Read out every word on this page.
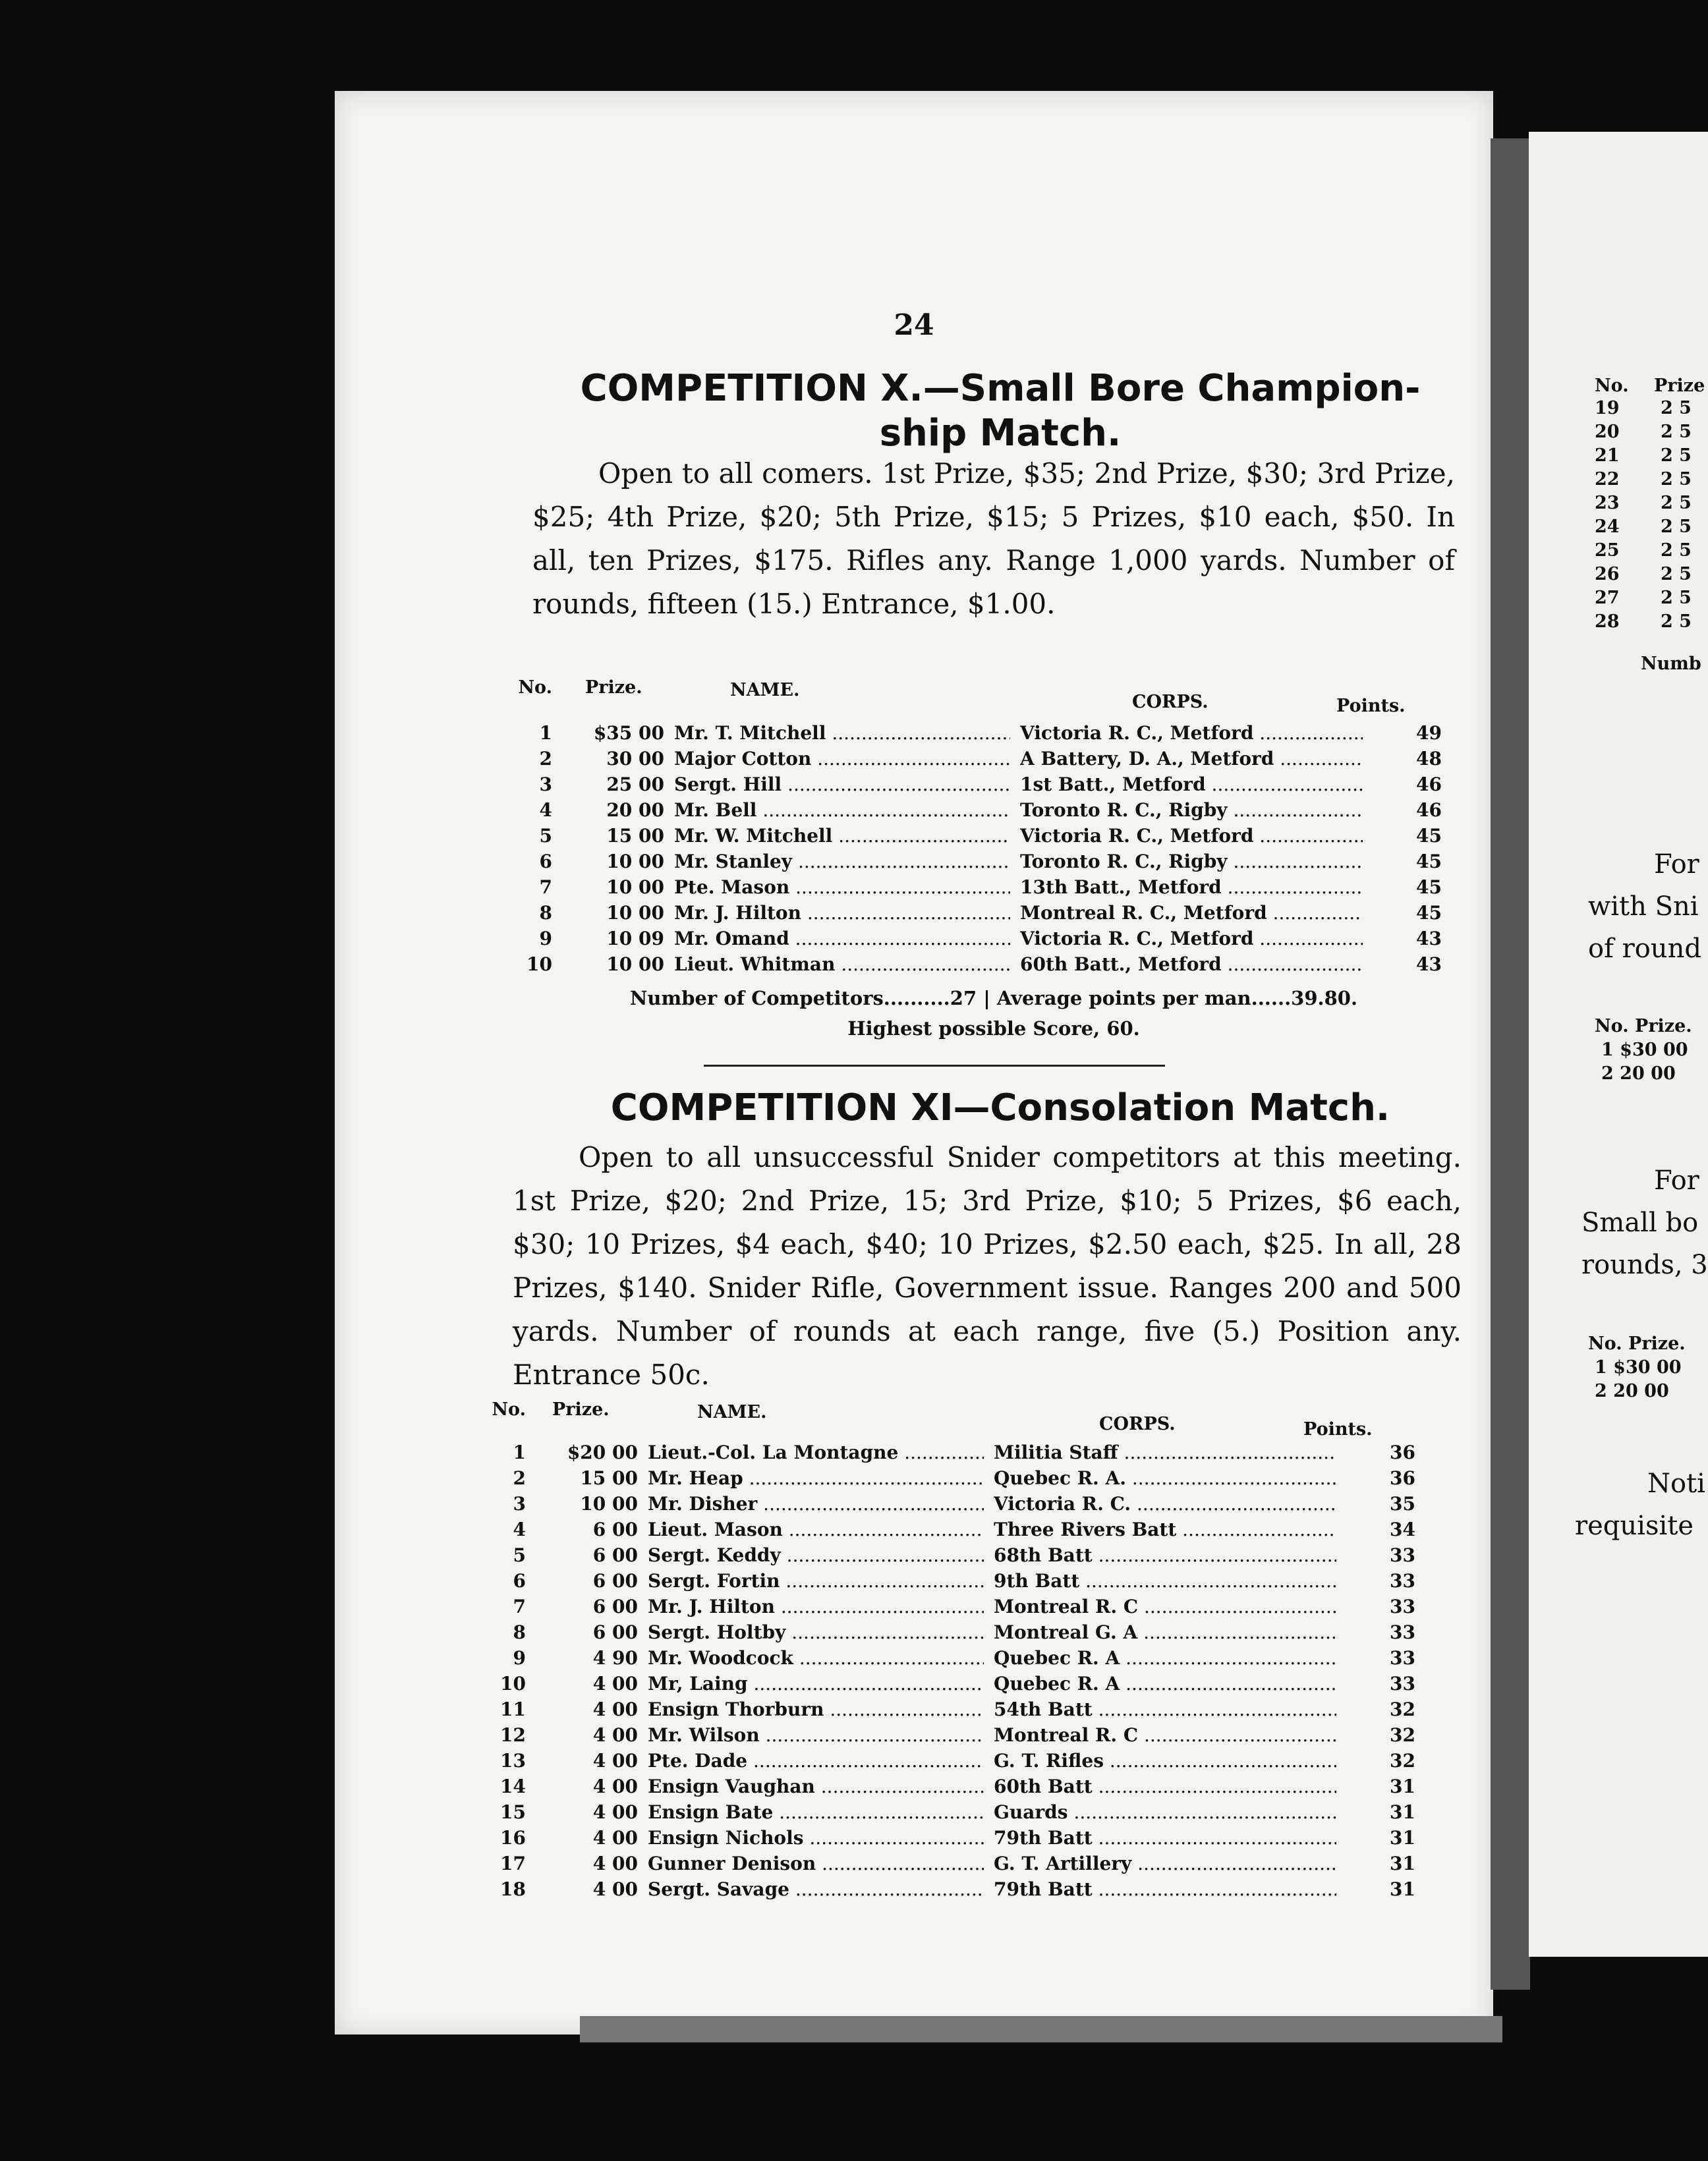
24
COMPETITION X.—Small Bore Champion-
ship Match.

Open to all comers. 1st Prize, $35; 2nd Prize, $30; 3rd Prize, $25; 4th Prize, $20; 5th Prize, $15; 5 Prizes, $10 each, $50. In all, ten Prizes, $175. Rifles any. Range 1,000 yards. Number of rounds, fifteen (15.) Entrance, $1.00.

No. Prize.	NAME.
CORPS.	Points.
1	$35 00 Mr. T. Mitchell .....	Victoria R. C., Metford .....	49
2	30 00 Major Cotton .....	A Battery, D. A., Metford .....	48
3	25 00 Sergt. Hill .....	1st Batt., Metford .....	46
4	20 00 Mr. Bell .....	Toronto R. C., Rigby .....	46
5	15 00 Mr. W. Mitchell .....	Victoria R. C., Metford .....	45
6	10 00 Mr. Stanley .....	Toronto R. C., Rigby .....	45
7	10 00 Pte. Mason .....	13th Batt., Metford .....	45
8	10 00 Mr. J. Hilton .....	Montreal R. C., Metford .....	45
9	10 09 Mr. Omand .....	Victoria R. C., Metford .....	43
10	10 00 Lieut. Whitman .....	60th Batt., Metford .....	43
Number of Competitors..........27 | Average points per man......39.80.
Highest possible Score, 60.
COMPETITION XI—Consolation Match.

Open to all unsuccessful Snider competitors at this meeting. 1st Prize, $20; 2nd Prize, 15; 3rd Prize, $10; 5 Prizes, $6 each, $30; 10 Prizes, $4 each, $40; 10 Prizes, $2.50 each, $25. In all, 28 Prizes, $140. Snider Rifle, Government issue. Ranges 200 and 500 yards. Number of rounds at each range, five (5.) Position any. Entrance 50c.

No. Prize.	NAME.
CORPS.	Points.
1	$20 00 Lieut.-Col. La Montagne .....	Militia Staff .....	36
2	15 00 Mr. Heap .....	Quebec R. A. .....	36
3	10 00 Mr. Disher .....	Victoria R. C. .....	35
4	6 00 Lieut. Mason .....	Three Rivers Batt .....	34
5	6 00 Sergt. Keddy .....	68th Batt .....	33
6	6 00 Sergt. Fortin .....	9th Batt .....	33
7	6 00 Mr. J. Hilton .....	Montreal R. C .....	33
8	6 00 Sergt. Holtby .....	Montreal G. A .....	33
9	4 90 Mr. Woodcock .....	Quebec R. A .....	33
10	4 00 Mr, Laing .....	Quebec R. A .....	33
11	4 00 Ensign Thorburn .....	54th Batt .....	32
12	4 00 Mr. Wilson .....	Montreal R. C .....	32
13	4 00 Pte. Dade .....	G. T. Rifles .....	32
14	4 00 Ensign Vaughan .....	60th Batt .....	31
15	4 00 Ensign Bate .....	Guards .....	31
16	4 00 Ensign Nichols .....	79th Batt .....	31
17	4 00 Gunner Denison .....	G. T. Artillery .....	31
18	4 00 Sergt. Savage .....	79th Batt .....	31
No. Prize
19 2 5
20 2 5
21 2 5
22 2 5
23 2 5
24 2 5
25 2 5
26 2 5
27 2 5
28 2 5
Numb
For
with Sni
of round
No. Prize.
1 $30 00
2 20 00
For
Small bo
rounds, 3
No. Prize.
1 $30 00
2 20 00
Noti
requisite
